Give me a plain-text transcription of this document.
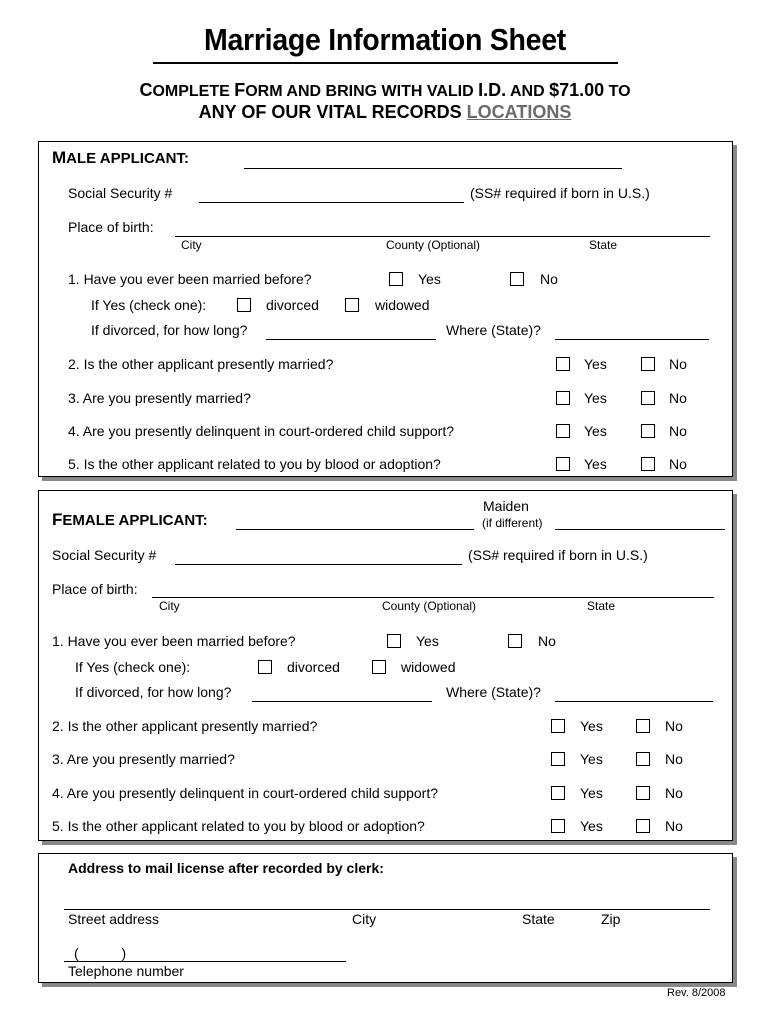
Marriage Information Sheet
COMPLETE FORM AND BRING WITH VALID I.D. AND $71.00 TO
ANY OF OUR VITAL RECORDS LOCATIONS
MALE APPLICANT:
Social Security #	(SS# required if born in U.S.)
Place of birth:
City	County (Optional)	State
1. Have you ever been married before?	Yes	No
If Yes (check one):	divorced	widowed
If divorced, for how long?	Where (State)?
2. Is the other applicant presently married?	Yes	No
3. Are you presently married?	Yes	No
4. Are you presently delinquent in court-ordered child support?	Yes	No
5. Is the other applicant related to you by blood or adoption?	Yes	No
FEMALE APPLICANT:
Maiden
(if different)
Social Security #	(SS# required if born in U.S.)
Place of birth:
City	County (Optional)	State
1. Have you ever been married before?	Yes	No
If Yes (check one):	divorced	widowed
If divorced, for how long?	Where (State)?
2. Is the other applicant presently married?	Yes	No
3. Are you presently married?	Yes	No
4. Are you presently delinquent in court-ordered child support?	Yes	No
5. Is the other applicant related to you by blood or adoption?	Yes	No
Address to mail license after recorded by clerk:
Street address	City	State	Zip
(           )
Telephone number
Rev. 8/2008
